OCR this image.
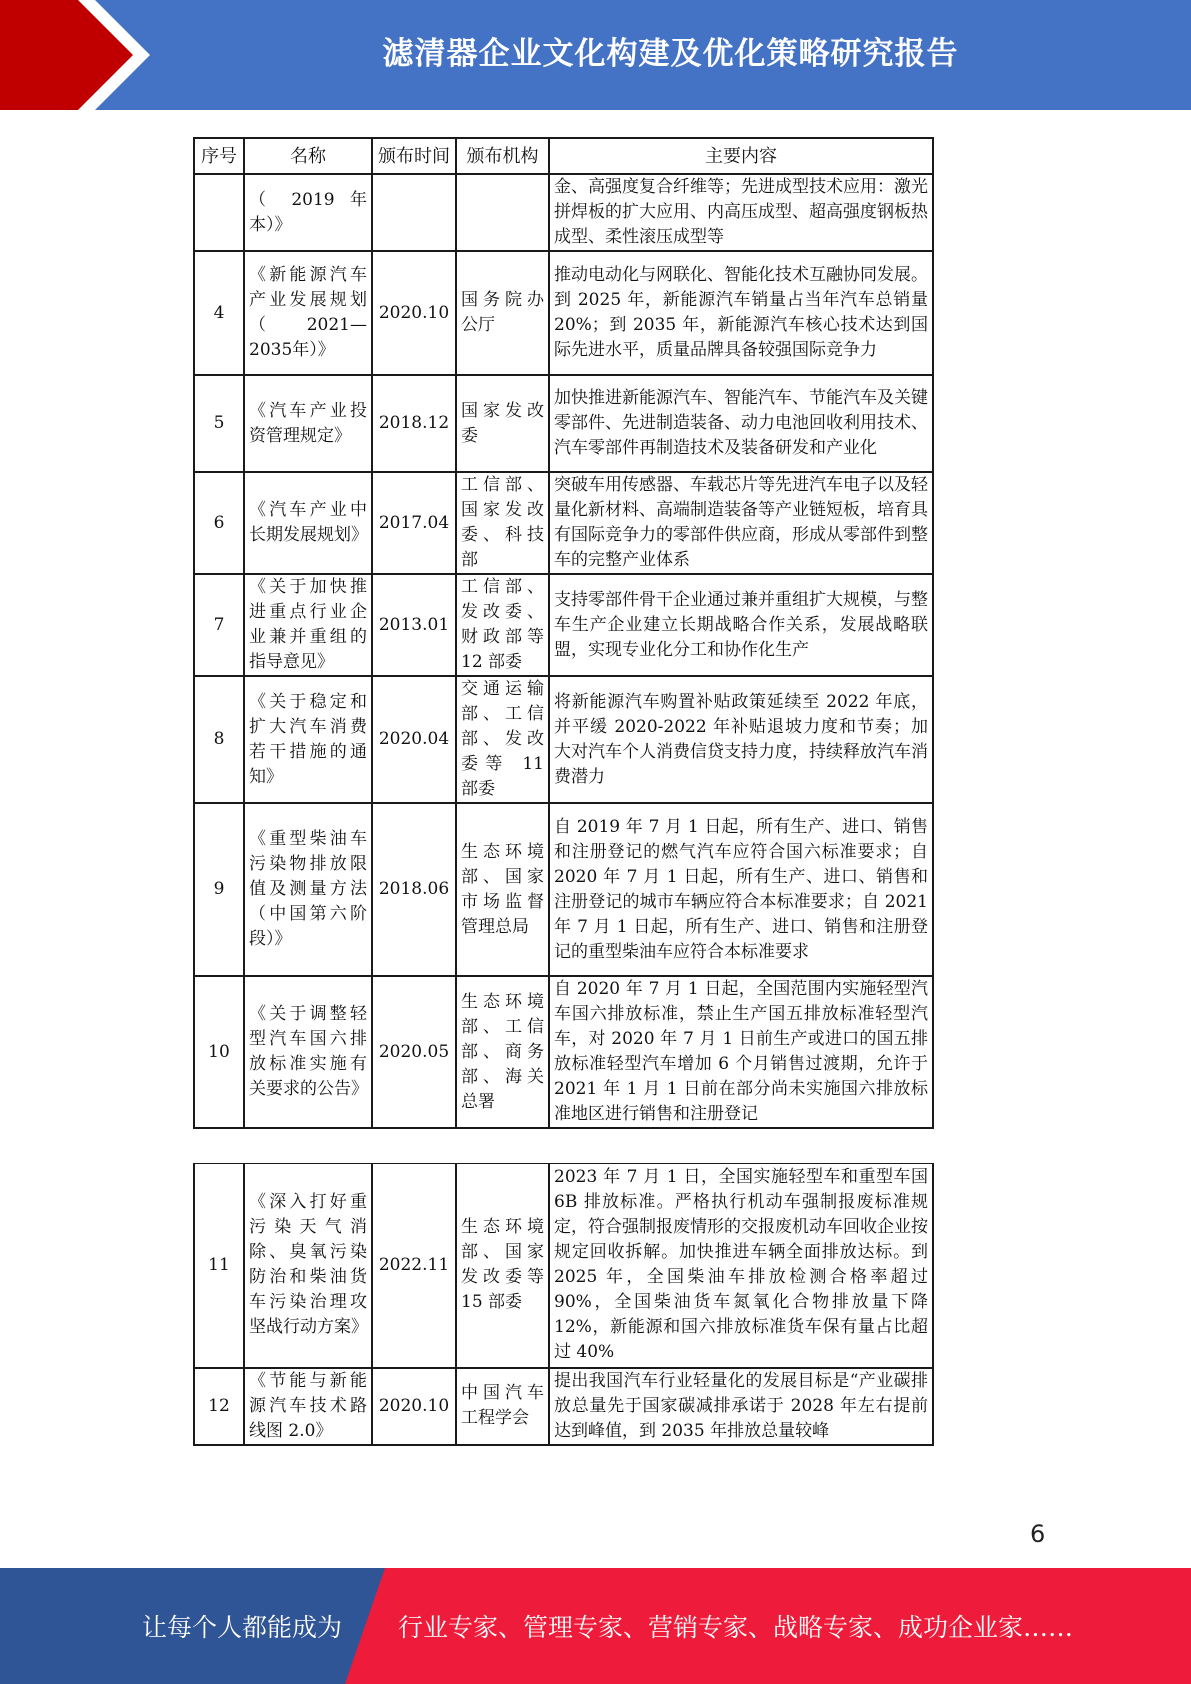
滤清器企业文化构建及优化策略研究报告
序号	名称	颁布时间	颁布机构	主要内容
	（ 2019 年本）》			金、高强度复合纤维等；先进成型技术应用：激光拼焊板的扩大应用、内高压成型、超高强度钢板热成型、柔性滚压成型等
4	《新能源汽车产业发展规划（2021—2035年）》	2020.10	国务院办公厅	推动电动化与网联化、智能化技术互融协同发展。到 2025 年，新能源汽车销量占当年汽车总销量 20%；到 2035 年，新能源汽车核心技术达到国际先进水平，质量品牌具备较强国际竞争力
5	《汽车产业投资管理规定》	2018.12	国家发改委	加快推进新能源汽车、智能汽车、节能汽车及关键零部件、先进制造装备、动力电池回收利用技术、汽车零部件再制造技术及装备研发和产业化
6	《汽车产业中长期发展规划》	2017.04	工信部、国家发改委、科技部	突破车用传感器、车载芯片等先进汽车电子以及轻量化新材料、高端制造装备等产业链短板，培育具有国际竞争力的零部件供应商，形成从零部件到整车的完整产业体系
7	《关于加快推进重点行业企业兼并重组的指导意见》	2013.01	工信部、发改委、财政部等 12 部委	支持零部件骨干企业通过兼并重组扩大规模，与整车生产企业建立长期战略合作关系，发展战略联盟，实现专业化分工和协作化生产
8	《关于稳定和扩大汽车消费若干措施的通知》	2020.04	交通运输部、工信部、发改委等 11 部委	将新能源汽车购置补贴政策延续至 2022 年底，并平缓 2020-2022 年补贴退坡力度和节奏；加大对汽车个人消费信贷支持力度，持续释放汽车消费潜力
9	《重型柴油车污染物排放限值及测量方法（中国第六阶段）》	2018.06	生态环境部、国家市场监督管理总局	自 2019 年 7 月 1 日起，所有生产、进口、销售和注册登记的燃气汽车应符合国六标准要求；自 2020 年 7 月 1 日起，所有生产、进口、销售和注册登记的城市车辆应符合本标准要求；自 2021 年 7 月 1 日起，所有生产、进口、销售和注册登记的重型柴油车应符合本标准要求
10	《关于调整轻型汽车国六排放标准实施有关要求的公告》	2020.05	生态环境部、工信部、商务部、海关总署	自 2020 年 7 月 1 日起，全国范围内实施轻型汽车国六排放标准，禁止生产国五排放标准轻型汽车，对 2020 年 7 月 1 日前生产或进口的国五排放标准轻型汽车增加 6 个月销售过渡期，允许于 2021 年 1 月 1 日前在部分尚未实施国六排放标准地区进行销售和注册登记
11	《深入打好重污染天气消除、臭氧污染防治和柴油货车污染治理攻坚战行动方案》	2022.11	生态环境部、国家发改委等 15 部委	2023 年 7 月 1 日，全国实施轻型车和重型车国 6B 排放标准。严格执行机动车强制报废标准规定，符合强制报废情形的交报废机动车回收企业按规定回收拆解。加快推进车辆全面排放达标。到 2025 年，全国柴油车排放检测合格率超过 90%，全国柴油货车氮氧化合物排放量下降 12%，新能源和国六排放标准货车保有量占比超过 40%
12	《节能与新能源汽车技术路线图 2.0》	2020.10	中国汽车工程学会	提出我国汽车行业轻量化的发展目标是“产业碳排放总量先于国家碳减排承诺于 2028 年左右提前达到峰值，到 2035 年排放总量较峰
6
让每个人都能成为 行业专家、管理专家、营销专家、战略专家、成功企业家……
